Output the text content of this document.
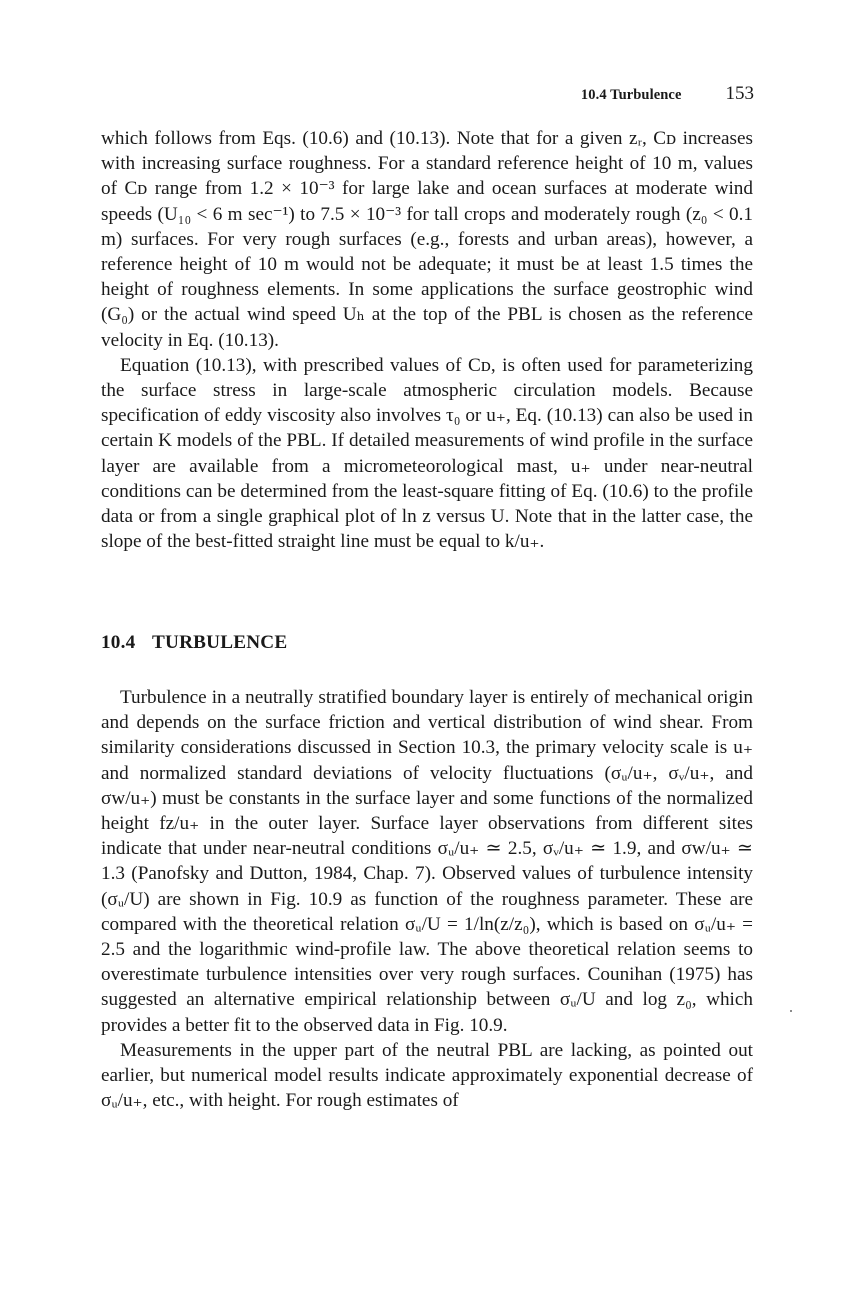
10.4 Turbulence 153

which follows from Eqs. (10.6) and (10.13). Note that for a given zᵣ, Cᴅ increases with increasing surface roughness. For a standard reference height of 10 m, values of Cᴅ range from 1.2 × 10⁻³ for large lake and ocean surfaces at moderate wind speeds (U₁₀ < 6 m sec⁻¹) to 7.5 × 10⁻³ for tall crops and moderately rough (z₀ < 0.1 m) surfaces. For very rough surfaces (e.g., forests and urban areas), however, a reference height of 10 m would not be adequate; it must be at least 1.5 times the height of roughness elements. In some applications the surface geostrophic wind (G₀) or the actual wind speed Uₕ at the top of the PBL is chosen as the reference velocity in Eq. (10.13).

Equation (10.13), with prescribed values of Cᴅ, is often used for parameterizing the surface stress in large-scale atmospheric circulation models. Because specification of eddy viscosity also involves τ₀ or u₊, Eq. (10.13) can also be used in certain K models of the PBL. If detailed measurements of wind profile in the surface layer are available from a micrometeorological mast, u₊ under near-neutral conditions can be determined from the least-square fitting of Eq. (10.6) to the profile data or from a single graphical plot of ln z versus U. Note that in the latter case, the slope of the best-fitted straight line must be equal to k/u₊.

10.4 TURBULENCE

Turbulence in a neutrally stratified boundary layer is entirely of mechanical origin and depends on the surface friction and vertical distribution of wind shear. From similarity considerations discussed in Section 10.3, the primary velocity scale is u₊ and normalized standard deviations of velocity fluctuations (σᵤ/u₊, σᵥ/u₊, and σw/u₊) must be constants in the surface layer and some functions of the normalized height fz/u₊ in the outer layer. Surface layer observations from different sites indicate that under near-neutral conditions σᵤ/u₊ ≃ 2.5, σᵥ/u₊ ≃ 1.9, and σw/u₊ ≃ 1.3 (Panofsky and Dutton, 1984, Chap. 7). Observed values of turbulence intensity (σᵤ/U) are shown in Fig. 10.9 as function of the roughness parameter. These are compared with the theoretical relation σᵤ/U = 1/ln(z/z₀), which is based on σᵤ/u₊ = 2.5 and the logarithmic wind-profile law. The above theoretical relation seems to overestimate turbulence intensities over very rough surfaces. Counihan (1975) has suggested an alternative empirical relationship between σᵤ/U and log z₀, which provides a better fit to the observed data in Fig. 10.9.

Measurements in the upper part of the neutral PBL are lacking, as pointed out earlier, but numerical model results indicate approximately exponential decrease of σᵤ/u₊, etc., with height. For rough estimates of
